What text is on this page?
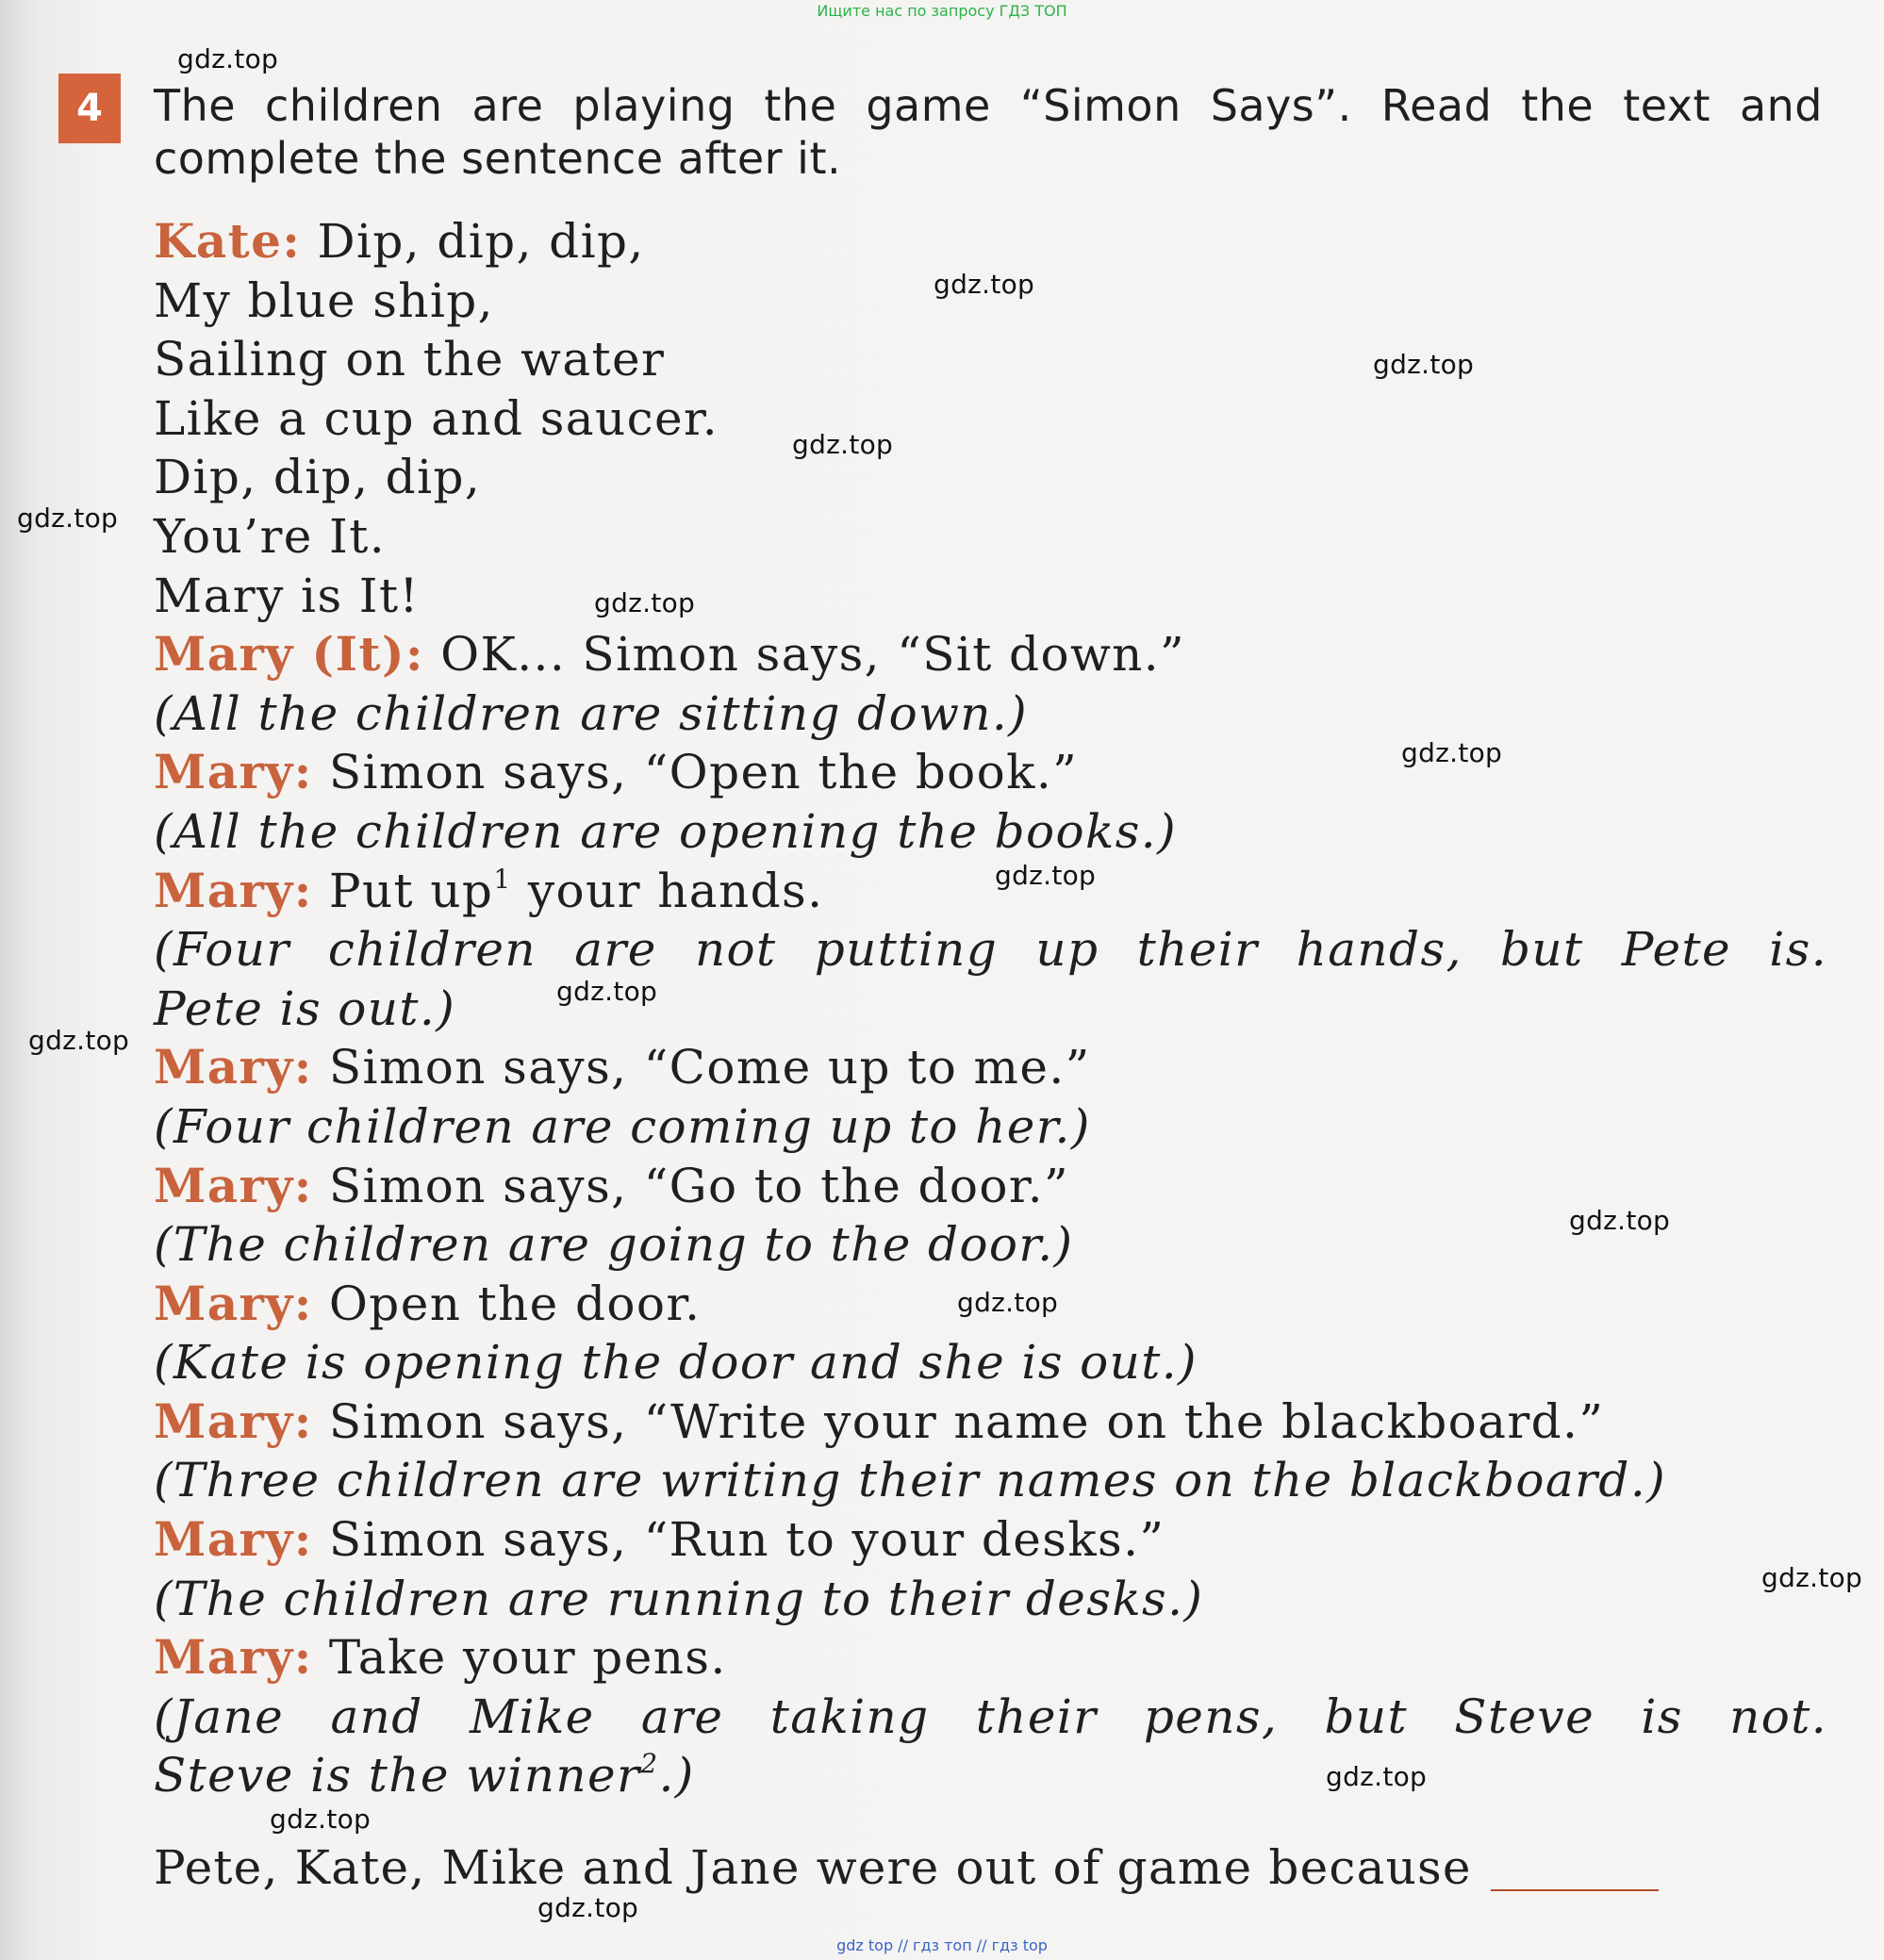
Ищите нас по запросу ГДЗ ТОП
4	The children are playing the game “Simon Says”. Read the text and complete the sentence after it.
Kate: Dip, dip, dip,
My blue ship,
Sailing on the water
Like a cup and saucer.
Dip, dip, dip,
You’re It.
Mary is It!
Mary (It): OK... Simon says, “Sit down.”
(All the children are sitting down.)
Mary: Simon says, “Open the book.”
(All the children are opening the books.)
Mary: Put $up^1$ your hands.
(Four children are not putting up their hands, but Pete is.
Pete is out.)
Mary: Simon says, “Come up to me.”
(Four children are coming up to her.)
Mary: Simon says, “Go to the door.”
(The children are going to the door.)
Mary: Open the door.
(Kate is opening the door and she is out.)
Mary: Simon says, “Write your name on the blackboard.”
(Three children are writing their names on the blackboard.)
Mary: Simon says, “Run to your desks.”
(The children are running to their desks.)
Mary: Take your pens.
(Jane and Mike are taking their pens, but Steve is not.
Steve is the winner$^2$.)
Pete, Kate, Mike and Jane were out of game because
gdz.top
gdz.top
gdz.top
gdz.top
gdz.top
gdz.top
gdz.top
gdz.top
gdz.top
gdz.top
gdz.top
gdz.top
gdz.top
gdz.top
gdz.top
gdz.top
gdz top // гдз топ // гдз top
